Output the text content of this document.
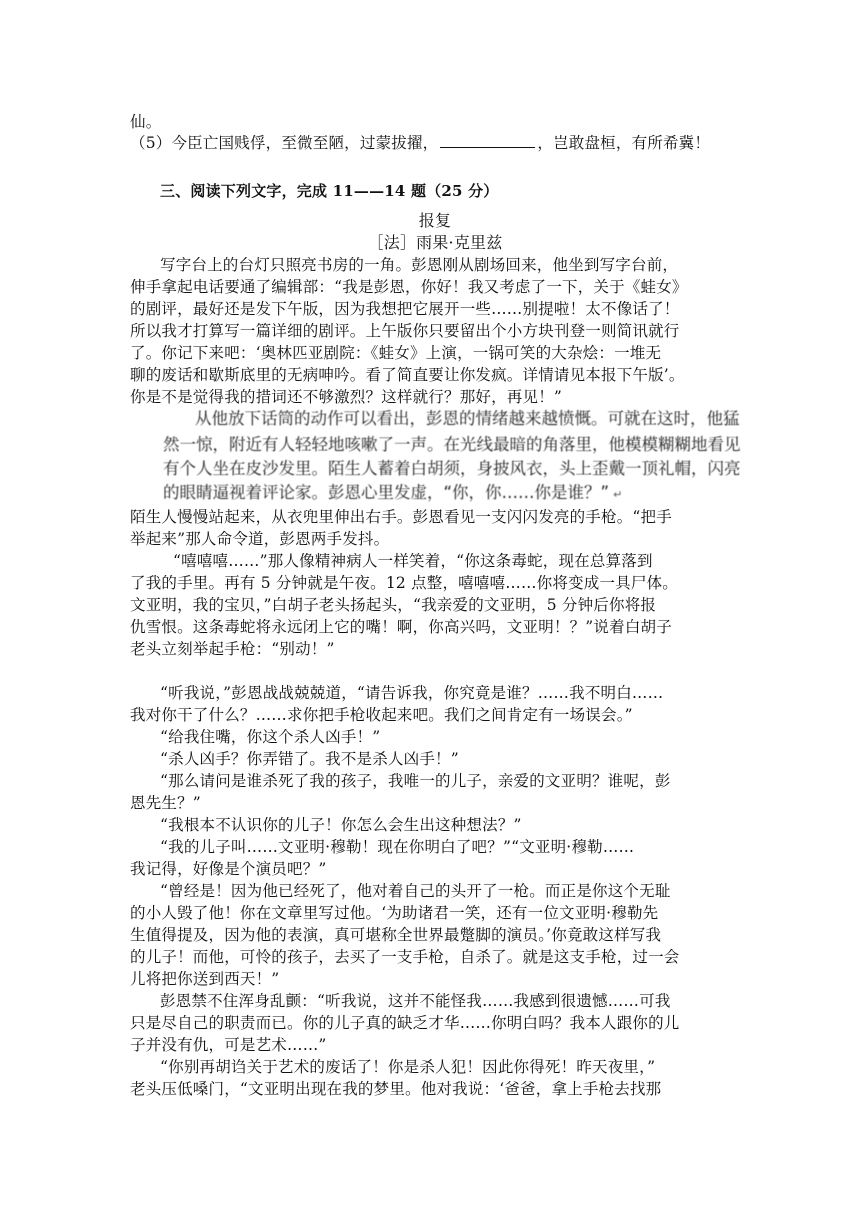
仙。
（5）今臣亡国贱俘，至微至陋，过蒙拔擢，	，岂敢盘桓，有所希冀！
三、阅读下列文字，完成 11——14 题（25 分）
报复
［法］雨果·克里兹
写字台上的台灯只照亮书房的一角。彭恩刚从剧场回来，他坐到写字台前，
伸手拿起电话要通了编辑部：“我是彭恩，你好！我又考虑了一下，关于《蛙女》
的剧评，最好还是发下午版，因为我想把它展开一些……别提啦！太不像话了！
所以我才打算写一篇详细的剧评。上午版你只要留出个小方块刊登一则简讯就行
了。你记下来吧：‘奥林匹亚剧院：《蛙女》上演，一锅可笑的大杂烩：一堆无
聊的废话和歇斯底里的无病呻吟。看了简直要让你发疯。详情请见本报下午版’。
你是不是觉得我的措词还不够激烈？这样就行？那好，再见！”
从他放下话筒的动作可以看出，彭恩的情绪越来越愤慨。可就在这时，他猛
然一惊，附近有人轻轻地咳嗽了一声。在光线最暗的角落里，他模模糊糊地看见
有个人坐在皮沙发里。陌生人蓄着白胡须，身披风衣，头上歪戴一顶礼帽，闪亮
的眼睛逼视着评论家。彭恩心里发虚，“你，你……你是谁？” ↵
陌生人慢慢站起来，从衣兜里伸出右手。彭恩看见一支闪闪发亮的手枪。“把手
举起来”那人命令道，彭恩两手发抖。
“嘻嘻嘻……”那人像精神病人一样笑着，“你这条毒蛇，现在总算落到
了我的手里。再有 5 分钟就是午夜。12 点整，嘻嘻嘻……你将变成一具尸体。
文亚明，我的宝贝，”白胡子老头扬起头，“我亲爱的文亚明，5 分钟后你将报
仇雪恨。这条毒蛇将永远闭上它的嘴！啊，你高兴吗，文亚明！？”说着白胡子
老头立刻举起手枪：“别动！”
“听我说，”彭恩战战兢兢道，“请告诉我，你究竟是谁？……我不明白……
我对你干了什么？……求你把手枪收起来吧。我们之间肯定有一场误会。”
“给我住嘴，你这个杀人凶手！”
“杀人凶手？你弄错了。我不是杀人凶手！”
“那么请问是谁杀死了我的孩子，我唯一的儿子，亲爱的文亚明？谁呢，彭
恩先生？”
“我根本不认识你的儿子！你怎么会生出这种想法？”
“我的儿子叫……文亚明·穆勒！现在你明白了吧？”“文亚明·穆勒……
我记得，好像是个演员吧？”
“曾经是！因为他已经死了，他对着自己的头开了一枪。而正是你这个无耻
的小人毁了他！你在文章里写过他。‘为助诸君一笑，还有一位文亚明·穆勒先
生值得提及，因为他的表演，真可堪称全世界最蹩脚的演员。’你竟敢这样写我
的儿子！而他，可怜的孩子，去买了一支手枪，自杀了。就是这支手枪，过一会
儿将把你送到西天！”
彭恩禁不住浑身乱颤：“听我说，这并不能怪我……我感到很遗憾……可我
只是尽自己的职责而已。你的儿子真的缺乏才华……你明白吗？我本人跟你的儿
子并没有仇，可是艺术……”
“你别再胡诌关于艺术的废话了！你是杀人犯！因此你得死！昨天夜里，”
老头压低嗓门，“文亚明出现在我的梦里。他对我说：‘爸爸，拿上手枪去找那
